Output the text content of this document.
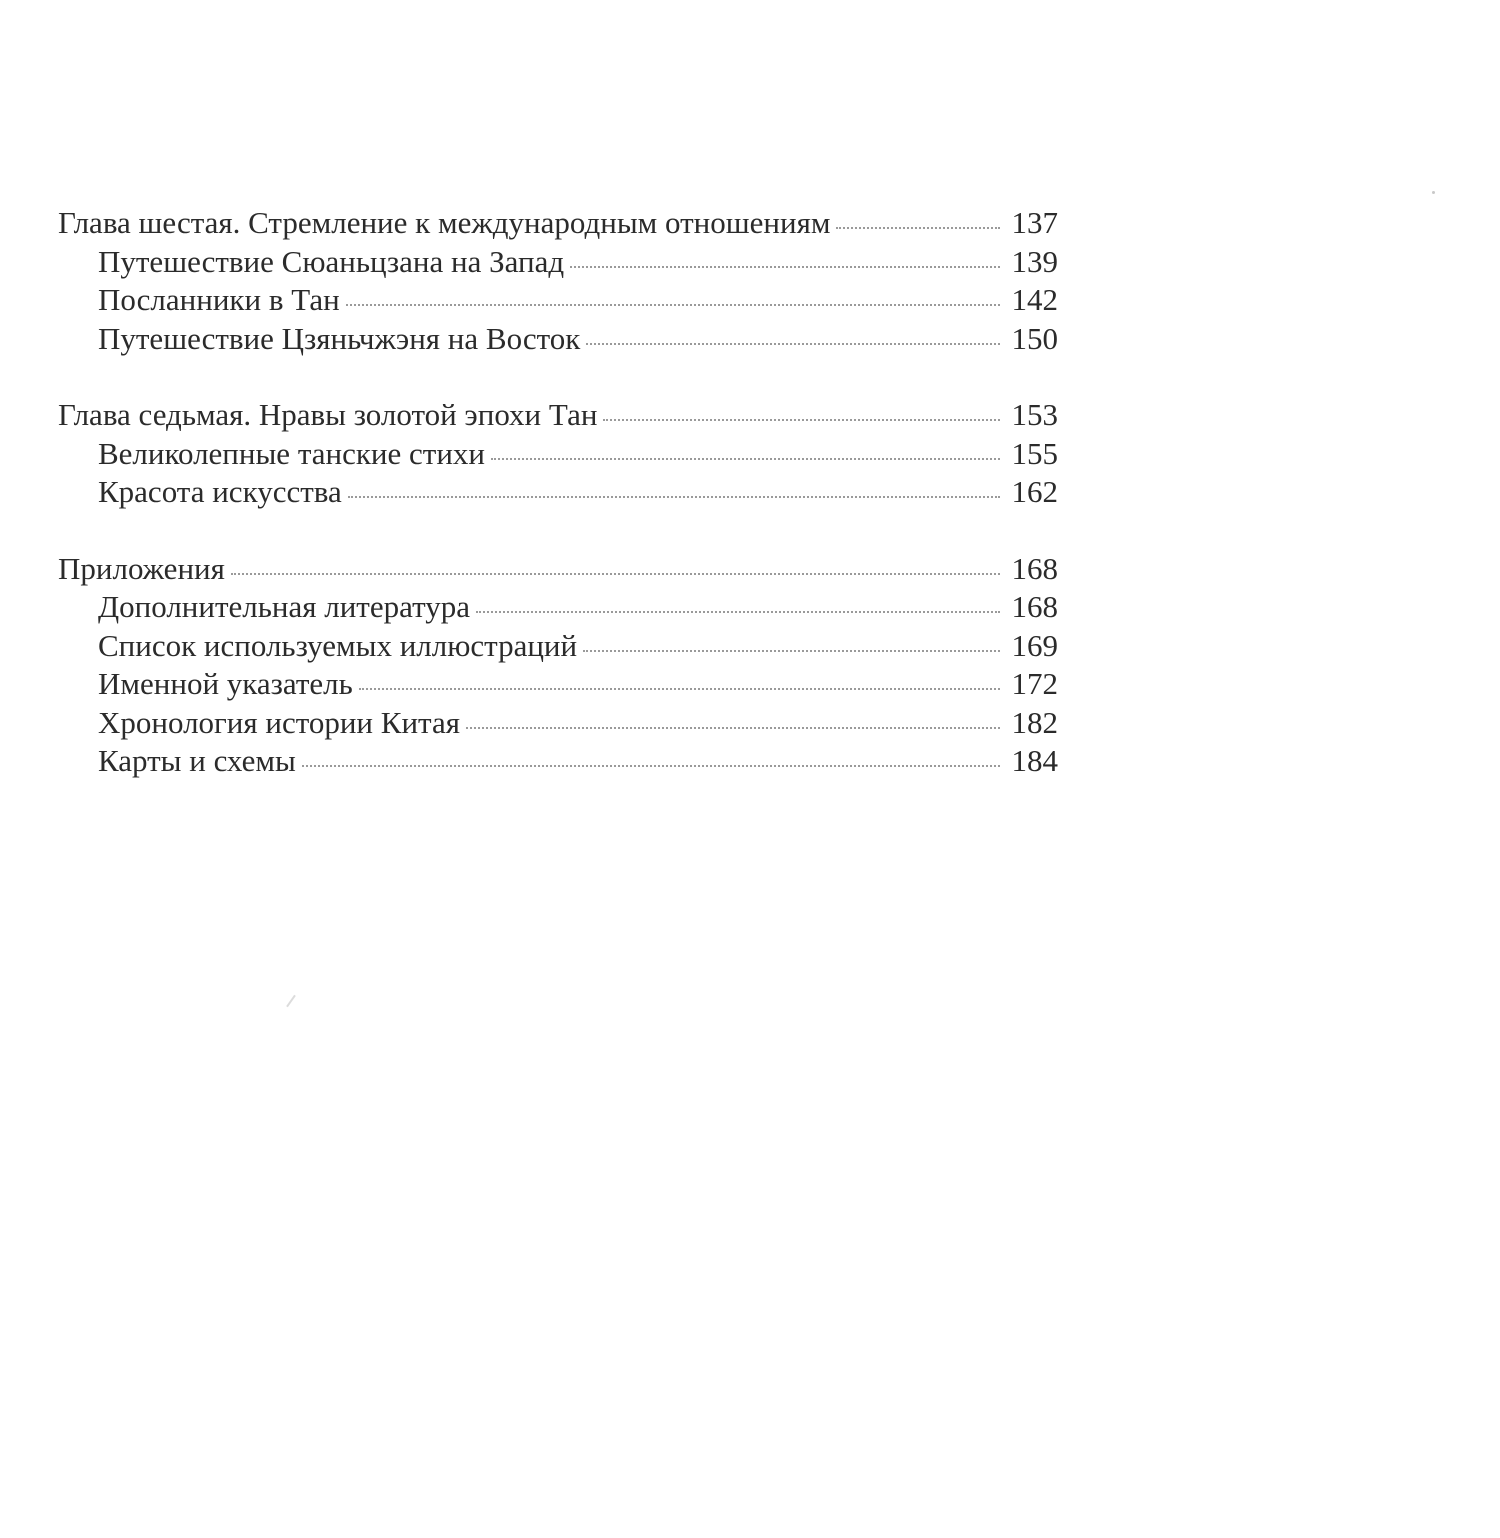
Глава шестая. Стремление к международным отношениям	137
Путешествие Сюаньцзана на Запад	139
Посланники в Тан	142
Путешествие Цзяньчжэня на Восток	150
Глава седьмая. Нравы золотой эпохи Тан	153
Великолепные танские стихи	155
Красота искусства	162
Приложения	168
Дополнительная литература	168
Список используемых иллюстраций	169
Именной указатель	172
Хронология истории Китая	182
Карты и схемы	184
